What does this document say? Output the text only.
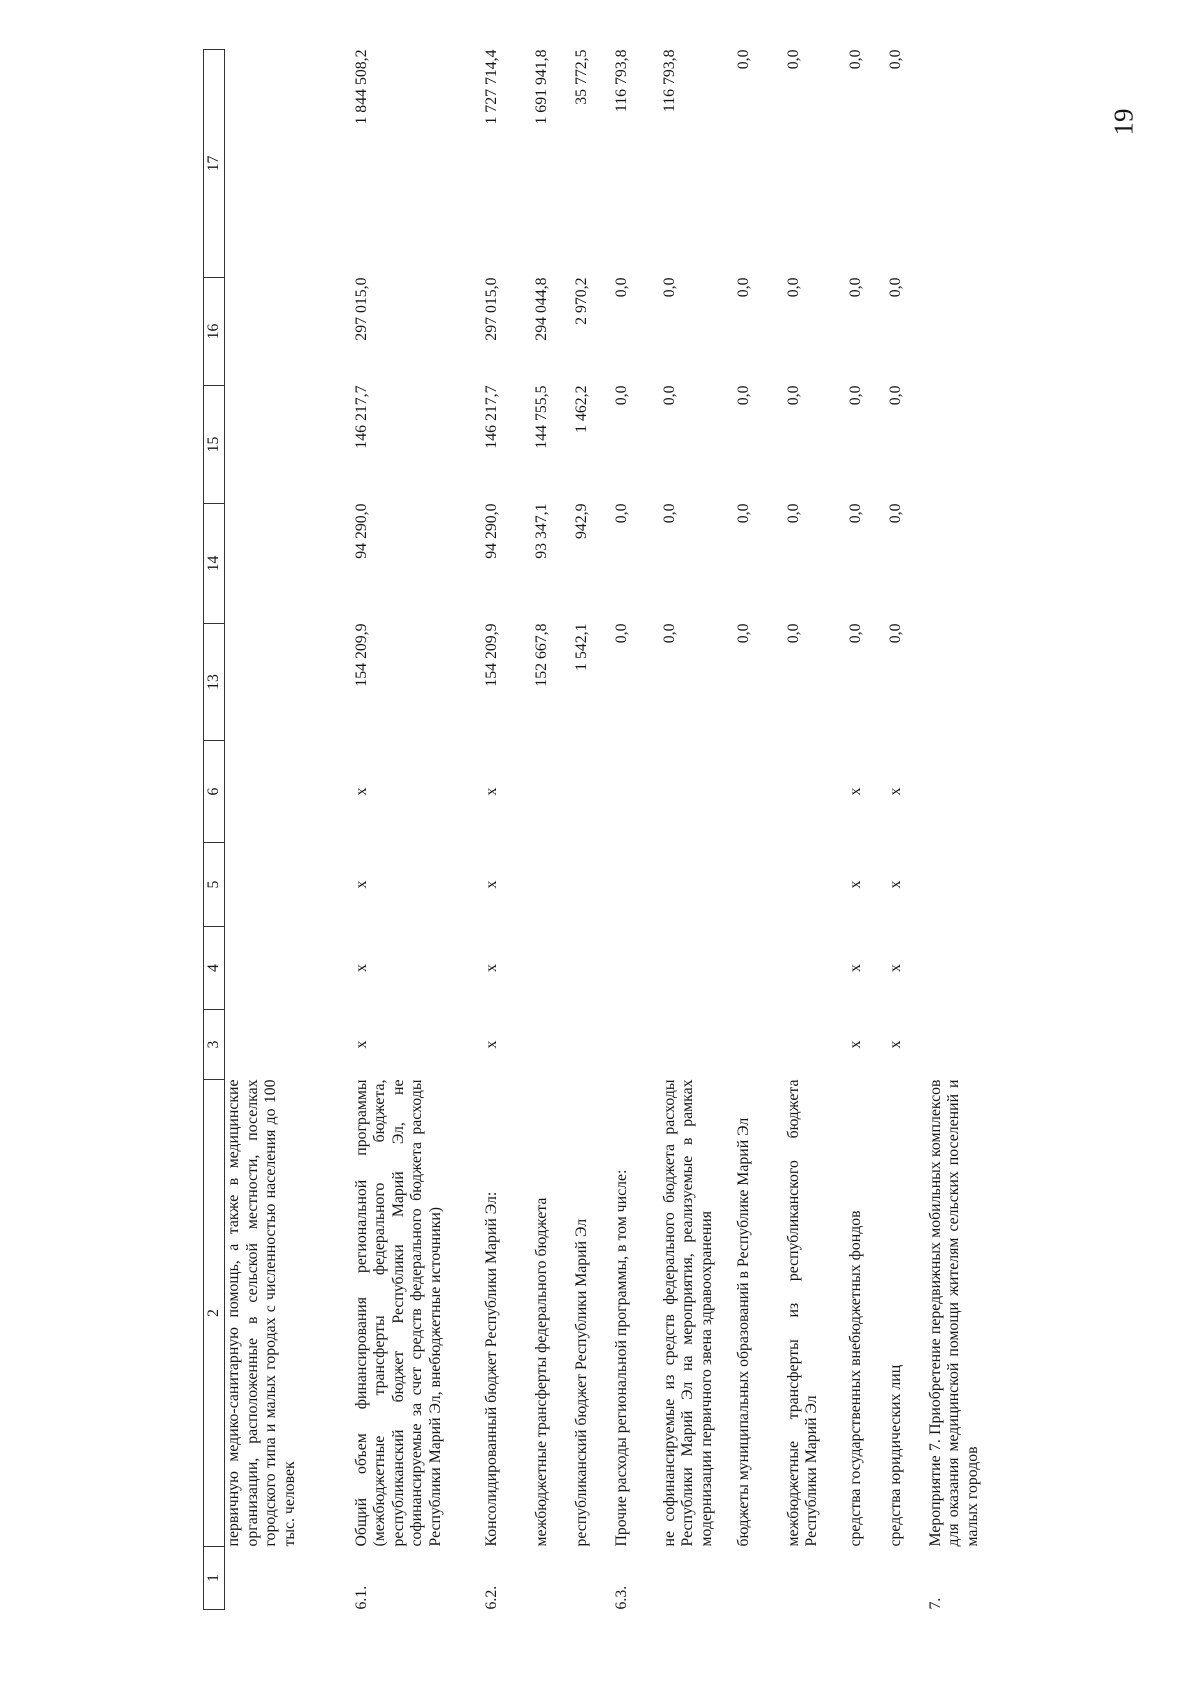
19
1	2	3	4	5	6	13	14	15	16	17
	первичную медико-санитарную помощь, а также в медицинские организации, расположенные в сельской местности, поселках городского типа и малых городах с численностью населения до 100 тыс. человек									
6.1.	Общий объем финансирования региональной программы (межбюджетные трансферты федерального бюджета, республиканский бюджет Республики Марий Эл, не софинансируемые за счет средств федерального бюджета расходы Республики Марий Эл, внебюджетные источники)	x	x	x	x	154 209,9	94 290,0	146 217,7	297 015,0	1 844 508,2
6.2.	Консолидированный бюджет Республики Марий Эл:	x	x	x	x	154 209,9	94 290,0	146 217,7	297 015,0	1 727 714,4
	межбюджетные трансферты федерального бюджета					152 667,8	93 347,1	144 755,5	294 044,8	1 691 941,8
	республиканский бюджет Республики Марий Эл					1 542,1	942,9	1 462,2	2 970,2	35 772,5
6.3.	Прочие расходы региональной программы, в том числе:					0,0	0,0	0,0	0,0	116 793,8
	не софинансируемые из средств федерального бюджета расходы Республики Марий Эл на мероприятия, реализуемые в рамках модернизации первичного звена здравоохранения					0,0	0,0	0,0	0,0	116 793,8
	бюджеты муниципальных образований в Республике Марий Эл					0,0	0,0	0,0	0,0	0,0
	межбюджетные трансферты из республиканского бюджета Республики Марий Эл					0,0	0,0	0,0	0,0	0,0
	средства государственных внебюджетных фондов	x	x	x	x	0,0	0,0	0,0	0,0	0,0
	средства юридических лиц	x	x	x	x	0,0	0,0	0,0	0,0	0,0
7.	Мероприятие 7. Приобретение передвижных мобильных комплексов для оказания медицинской помощи жителям сельских поселений и малых городов									
